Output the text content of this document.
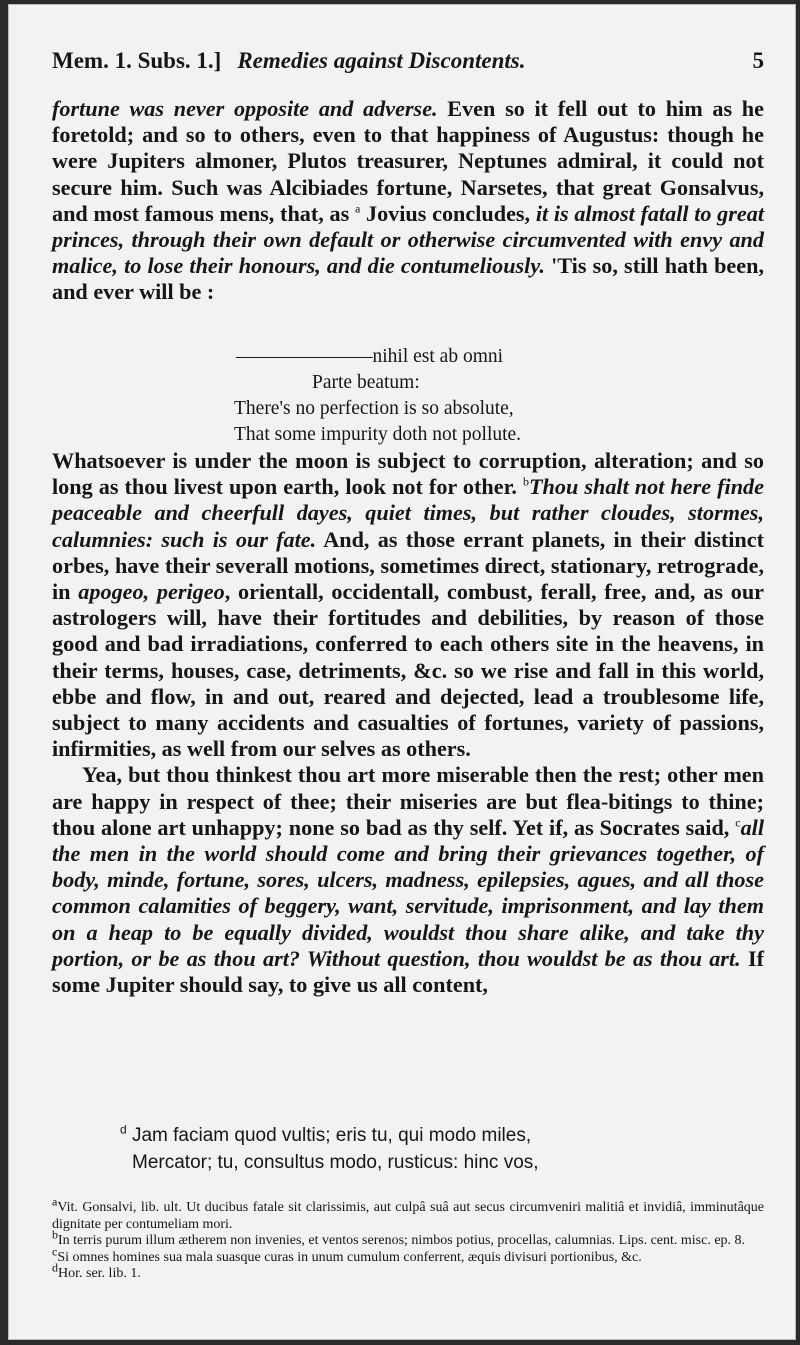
Mem. 1. Subs. 1.] Remedies against Discontents.	5

fortune was never opposite and adverse. Even so it fell out to him as he foretold; and so to others, even to that happiness of Augustus: though he were Jupiters almoner, Plutos treasurer, Neptunes admiral, it could not secure him. Such was Alcibiades fortune, Narsetes, that great Gonsalvus, and most famous mens, that, as $^a$ Jovius concludes, it is almost fatall to great princes, through their own default or otherwise circumvented with envy and malice, to lose their honours, and die contumeliously. 'Tis so, still hath been, and ever will be :

———————nihil est ab omni
Parte beatum:
There's no perfection is so absolute,
That some impurity doth not pollute.

Whatsoever is under the moon is subject to corruption, alteration; and so long as thou livest upon earth, look not for other. $^b$Thou shalt not here finde peaceable and cheerfull dayes, quiet times, but rather cloudes, stormes, calumnies: such is our fate. And, as those errant planets, in their distinct orbes, have their severall motions, sometimes direct, stationary, retrograde, in apogeo, perigeo, orientall, occidentall, combust, ferall, free, and, as our astrologers will, have their fortitudes and debilities, by reason of those good and bad irradiations, conferred to each others site in the heavens, in their terms, houses, case, detriments, &c. so we rise and fall in this world, ebbe and flow, in and out, reared and dejected, lead a troublesome life, subject to many accidents and casualties of fortunes, variety of passions, infirmities, as well from our selves as others.

Yea, but thou thinkest thou art more miserable then the rest; other men are happy in respect of thee; their miseries are but flea-bitings to thine; thou alone art unhappy; none so bad as thy self. Yet if, as Socrates said, $^c$all the men in the world should come and bring their grievances together, of body, minde, fortune, sores, ulcers, madness, epilepsies, agues, and all those common calamities of beggery, want, servitude, imprisonment, and lay them on a heap to be equally divided, wouldst thou share alike, and take thy portion, or be as thou art? Without question, thou wouldst be as thou art. If some Jupiter should say, to give us all content,

$^d$ Jam faciam quod vultis; eris tu, qui modo miles,
Mercator; tu, consultus modo, rusticus: hinc vos,
aVit. Gonsalvi, lib. ult. Ut ducibus fatale sit clarissimis, aut culpâ suâ aut secus circumveniri malitiâ et invidiâ, imminutâque dignitate per contumeliam mori.
bIn terris purum illum ætherem non invenies, et ventos serenos; nimbos potius, procellas, calumnias. Lips. cent. misc. ep. 8.
cSi omnes homines sua mala suasque curas in unum cumulum conferrent, æquis divisuri portionibus, &c.
dHor. ser. lib. 1.
